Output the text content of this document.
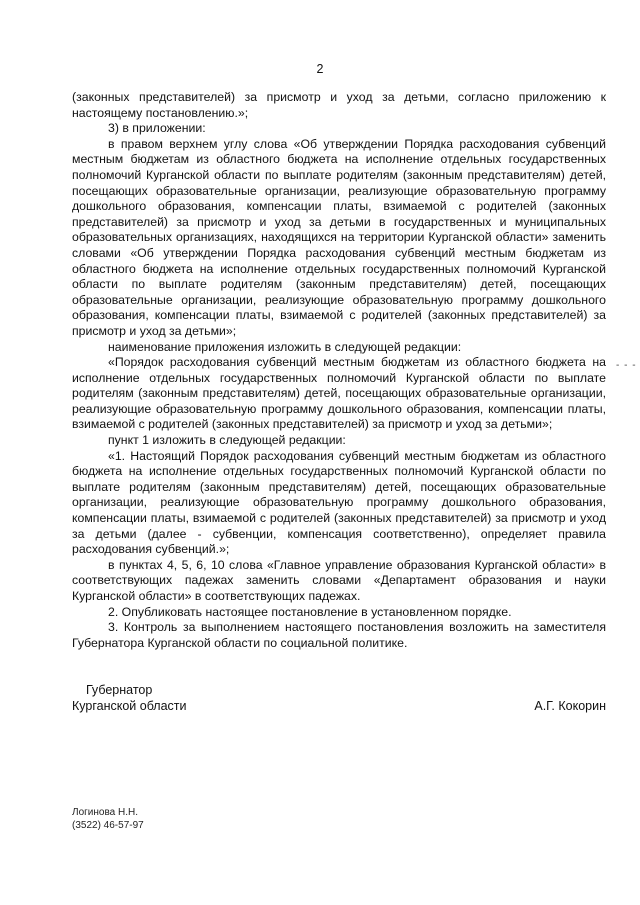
2
- - -

(законных представителей) за присмотр и уход за детьми, согласно приложению к настоящему постановлению.»;

3) в приложении:

в правом верхнем углу слова «Об утверждении Порядка расходования субвенций местным бюджетам из областного бюджета на исполнение отдельных государственных полномочий Курганской области по выплате родителям (законным представителям) детей, посещающих образовательные организации, реализующие образовательную программу дошкольного образования, компенсации платы, взимаемой с родителей (законных представителей) за присмотр и уход за детьми в государственных и муниципальных образовательных организациях, находящихся на территории Курганской области» заменить словами «Об утверждении Порядка расходования субвенций местным бюджетам из областного бюджета на исполнение отдельных государственных полномочий Курганской области по выплате родителям (законным представителям) детей, посещающих образовательные организации, реализующие образовательную программу дошкольного образования, компенсации платы, взимаемой с родителей (законных представителей) за присмотр и уход за детьми»;

наименование приложения изложить в следующей редакции:

«Порядок расходования субвенций местным бюджетам из областного бюджета на исполнение отдельных государственных полномочий Курганской области по выплате родителям (законным представителям) детей, посещающих образовательные организации, реализующие образовательную программу дошкольного образования, компенсации платы, взимаемой с родителей (законных представителей) за присмотр и уход за детьми»;

пункт 1 изложить в следующей редакции:

«1. Настоящий Порядок расходования субвенций местным бюджетам из областного бюджета на исполнение отдельных государственных полномочий Курганской области по выплате родителям (законным представителям) детей, посещающих образовательные организации, реализующие образовательную программу дошкольного образования, компенсации платы, взимаемой с родителей (законных представителей) за присмотр и уход за детьми (далее - субвенции, компенсация соответственно), определяет правила расходования субвенций.»;

в пунктах 4, 5, 6, 10 слова «Главное управление образования Курганской области» в соответствующих падежах заменить словами «Департамент образования и науки Курганской области» в соответствующих падежах.

2. Опубликовать настоящее постановление в установленном порядке.

3. Контроль за выполнением настоящего постановления возложить на заместителя Губернатора Курганской области по социальной политике.

Губернатор
Курганской области	А.Г. Кокорин
Логинова Н.Н.
(3522) 46-57-97
